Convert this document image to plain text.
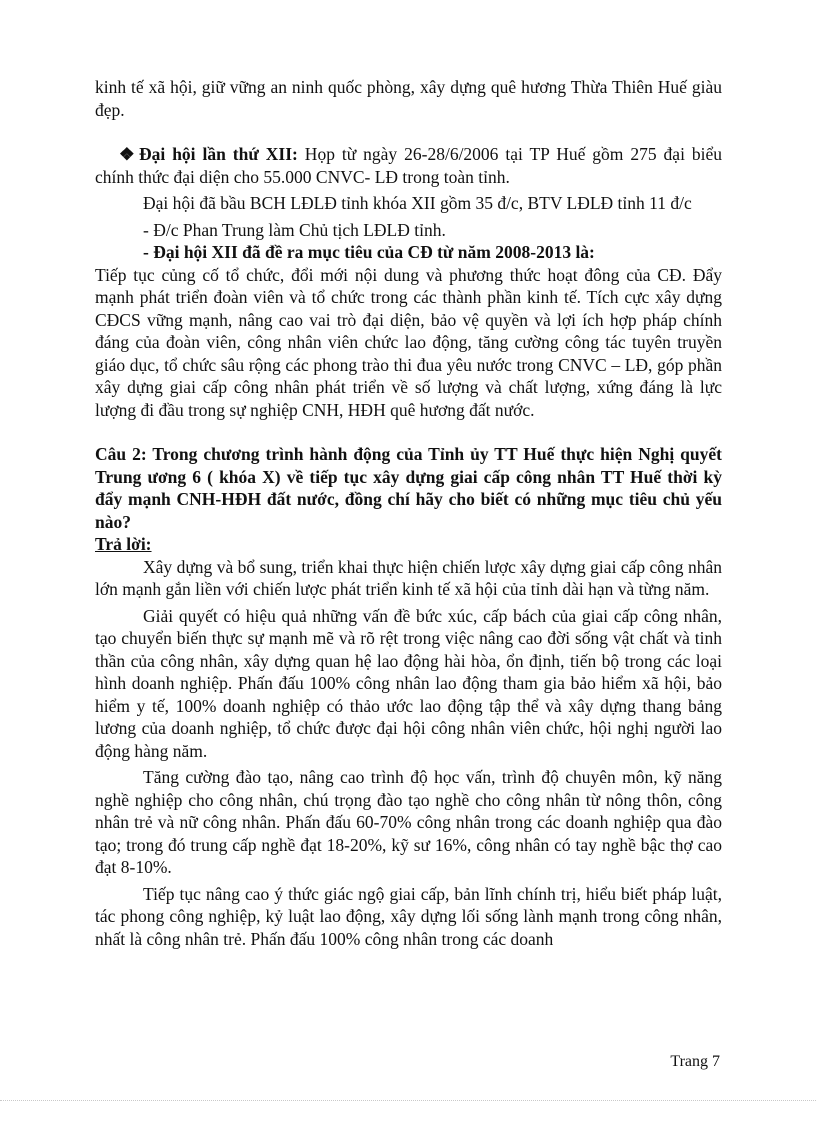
kinh tế xã hội, giữ vững an ninh quốc phòng, xây dựng quê hương Thừa Thiên Huế giàu đẹp.

❖ Đại hội lần thứ XII: Họp từ ngày 26-28/6/2006 tại TP Huế gồm 275 đại biểu chính thức đại diện cho 55.000 CNVC- LĐ trong toàn tỉnh.

Đại hội đã bầu BCH LĐLĐ tỉnh khóa XII gồm 35 đ/c, BTV LĐLĐ tỉnh 11 đ/c

- Đ/c Phan Trung làm Chủ tịch LĐLĐ tỉnh.

- Đại hội XII đã đề ra mục tiêu của CĐ từ năm 2008-2013 là:

Tiếp tục củng cố tổ chức, đổi mới nội dung và phương thức hoạt đông của CĐ. Đẩy mạnh phát triển đoàn viên và tổ chức trong các thành phần kinh tế. Tích cực xây dựng CĐCS vững mạnh, nâng cao vai trò đại diện, bảo vệ quyền và lợi ích hợp pháp chính đáng của đoàn viên, công nhân viên chức lao động, tăng cường công tác tuyên truyền giáo dục, tổ chức sâu rộng các phong trào thi đua yêu nước trong CNVC – LĐ, góp phần xây dựng giai cấp công nhân phát triển về số lượng và chất lượng, xứng đáng là lực lượng đi đầu trong sự nghiệp CNH, HĐH quê hương đất nước.

Câu 2: Trong chương trình hành động của Tỉnh ủy TT Huế thực hiện Nghị quyết Trung ương 6 ( khóa X) về tiếp tục xây dựng giai cấp công nhân TT Huế thời kỳ đẩy mạnh CNH-HĐH đất nước, đồng chí hãy cho biết có những mục tiêu chủ yếu nào?

Trả lời:

Xây dựng và bổ sung, triển khai thực hiện chiến lược xây dựng giai cấp công nhân lớn mạnh gắn liền với chiến lược phát triển kinh tế xã hội của tỉnh dài hạn và từng năm.

Giải quyết có hiệu quả những vấn đề bức xúc, cấp bách của giai cấp công nhân, tạo chuyển biến thực sự mạnh mẽ và rõ rệt trong việc nâng cao đời sống vật chất và tinh thần của công nhân, xây dựng quan hệ lao động hài hòa, ổn định, tiến bộ trong các loại hình doanh nghiệp. Phấn đấu 100% công nhân lao động tham gia bảo hiểm xã hội, bảo hiểm y tế, 100% doanh nghiệp có thảo ước lao động tập thể và xây dựng thang bảng lương của doanh nghiệp, tổ chức được đại hội công nhân viên chức, hội nghị người lao động hàng năm.

Tăng cường đào tạo, nâng cao trình độ học vấn, trình độ chuyên môn, kỹ năng nghề nghiệp cho công nhân, chú trọng đào tạo nghề cho công nhân từ nông thôn, công nhân trẻ và nữ công nhân. Phấn đấu 60-70% công nhân trong các doanh nghiệp qua đào tạo; trong đó trung cấp nghề đạt 18-20%, kỹ sư 16%, công nhân có tay nghề bậc thợ cao đạt 8-10%.

Tiếp tục nâng cao ý thức giác ngộ giai cấp, bản lĩnh chính trị, hiểu biết pháp luật, tác phong công nghiệp, kỷ luật lao động, xây dựng lối sống lành mạnh trong công nhân, nhất là công nhân trẻ. Phấn đấu 100% công nhân trong các doanh

Trang 7
